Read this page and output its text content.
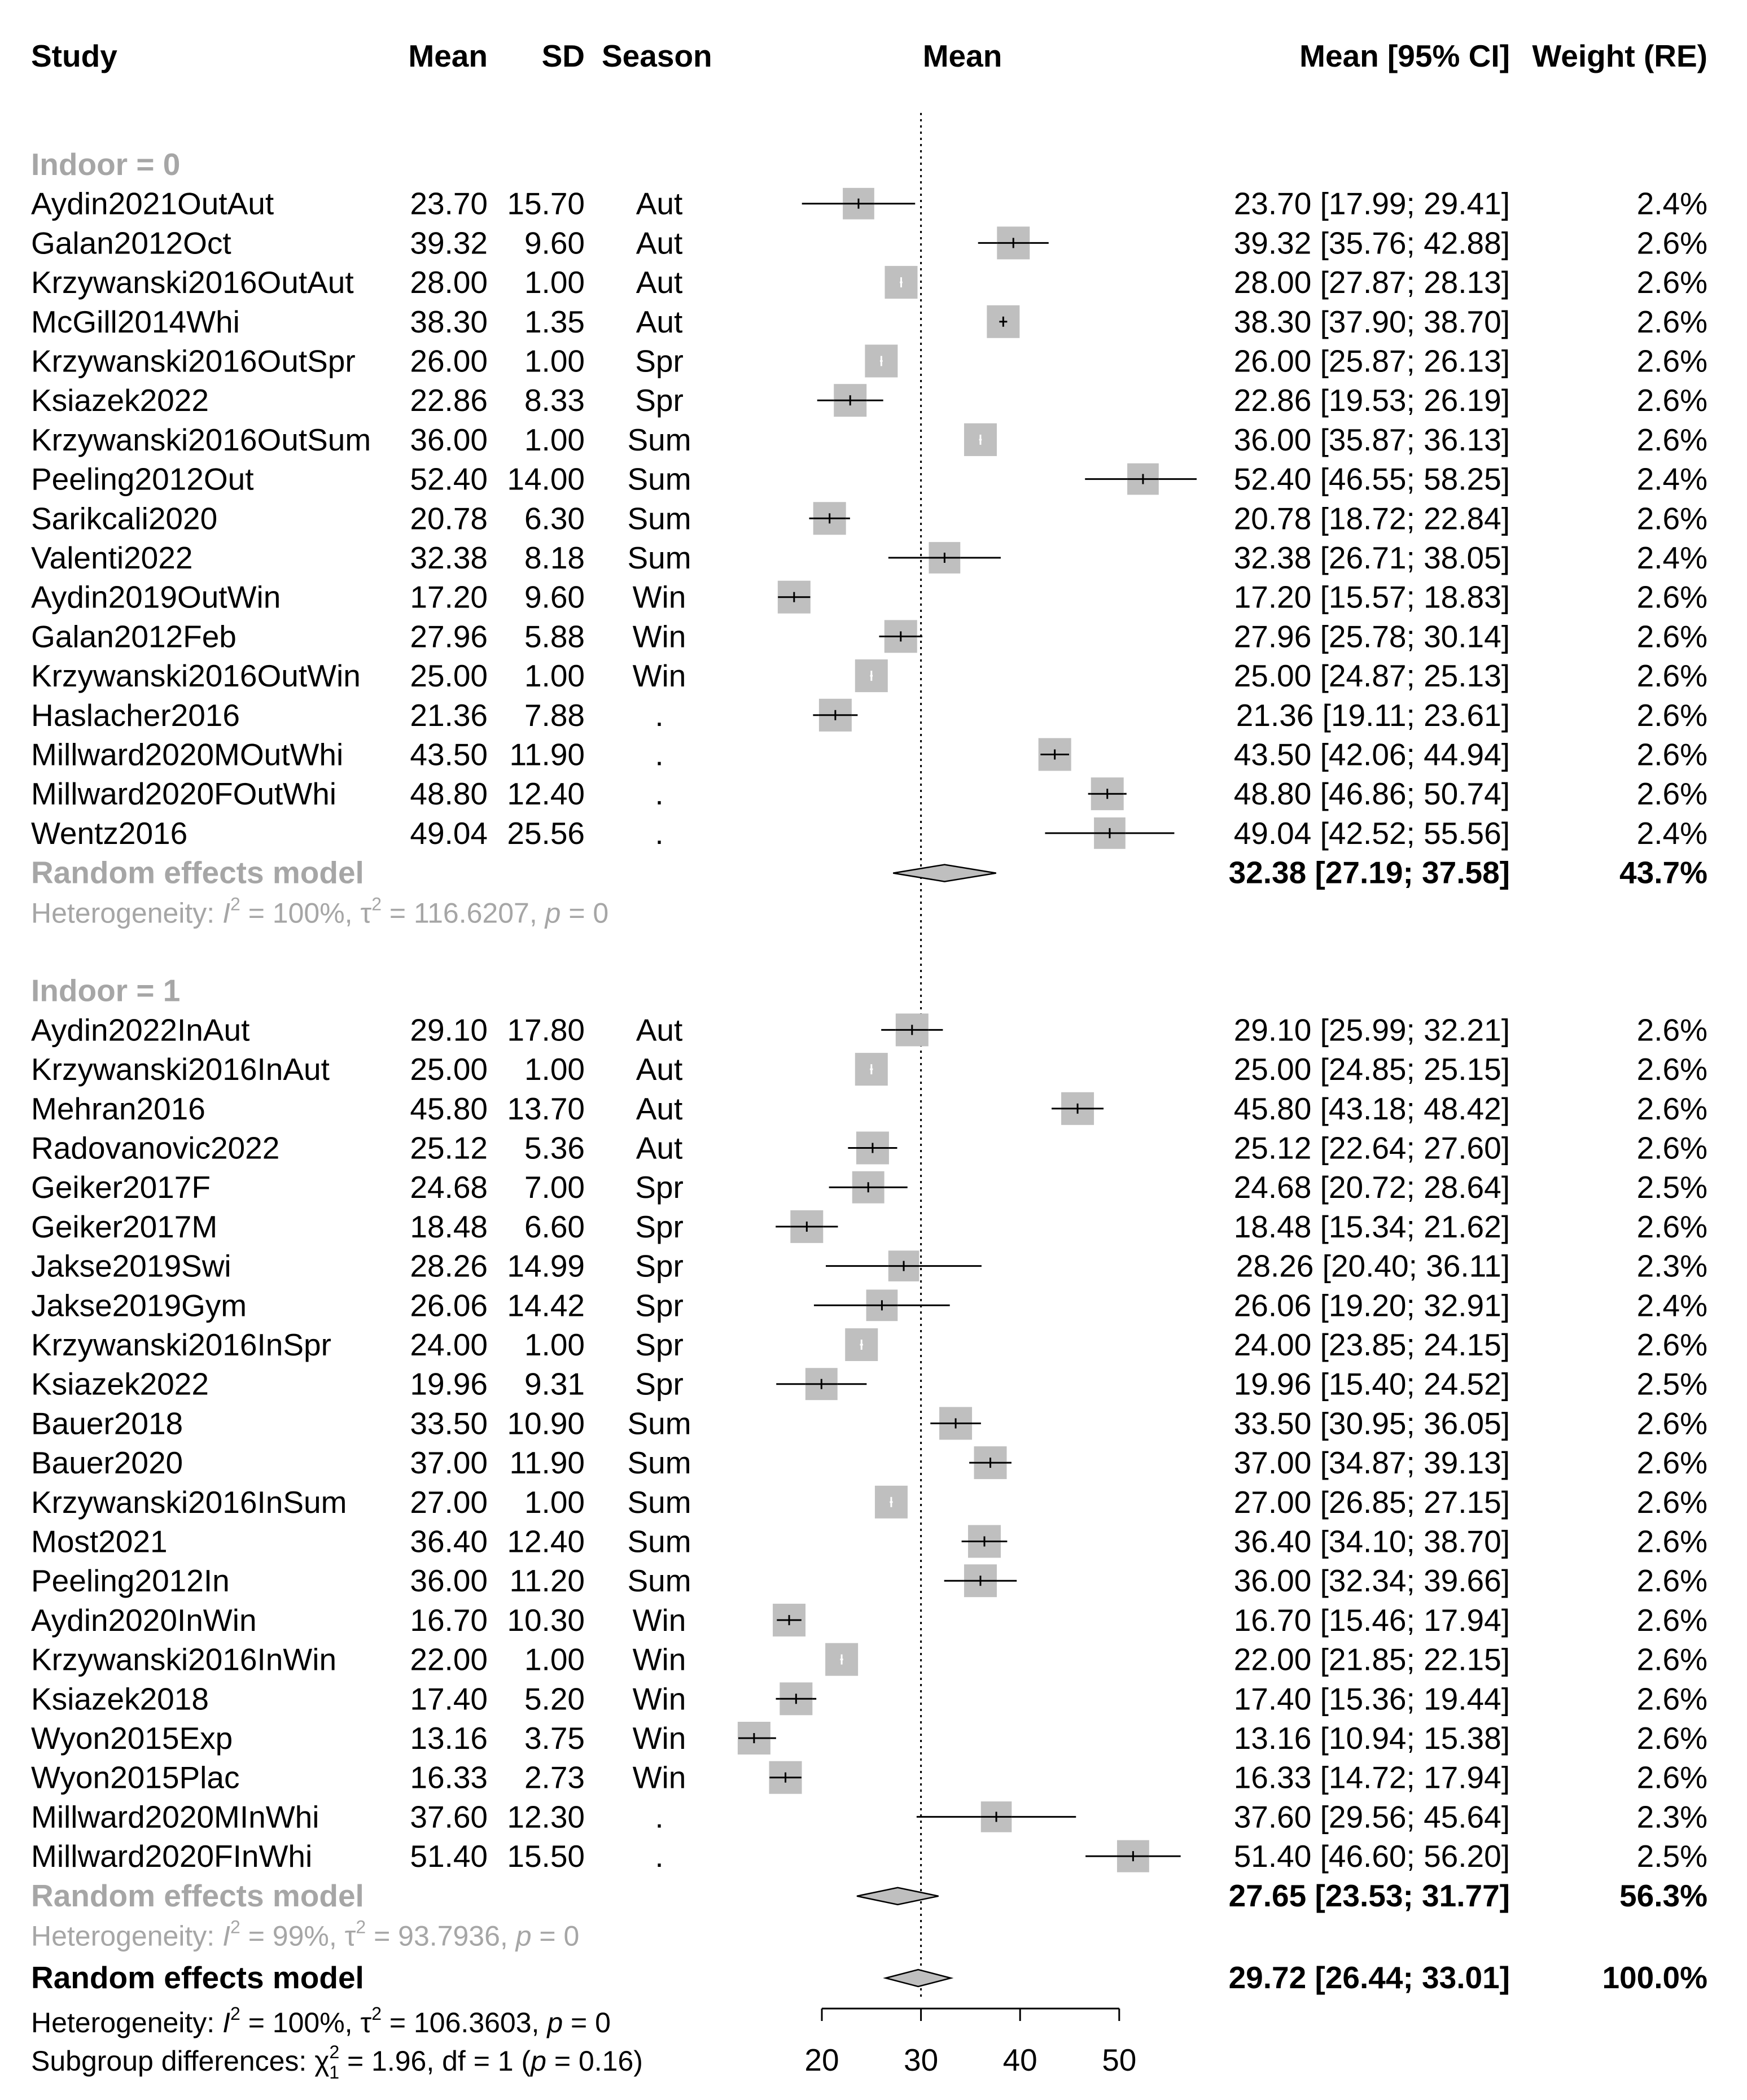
Study	Mean SD Season	Mean	Mean [95% CI] Weight (RE)
Indoor = 0
Aydin2021OutAut	23.70 15.70 Aut	23.70 [17.99; 29.41]	2.4%
Galan2012Oct	39.32 9.60 Aut	39.32 [35.76; 42.88]	2.6%
Krzywanski2016OutAut 28.00 1.00 Aut	28.00 [27.87; 28.13]	2.6%
McGill2014Whi	38.30 1.35 Aut	38.30 [37.90; 38.70]	2.6%
Krzywanski2016OutSpr 26.00 1.00 Spr	26.00 [25.87; 26.13]	2.6%
Ksiazek2022	22.86 8.33 Spr	22.86 [19.53; 26.19]	2.6%
Krzywanski2016OutSum 36.00 1.00 Sum	36.00 [35.87; 36.13]	2.6%
Peeling2012Out	52.40 14.00 Sum	52.40 [46.55; 58.25]	2.4%
Sarikcali2020	20.78 6.30 Sum	20.78 [18.72; 22.84]	2.6%
Valenti2022	32.38 8.18 Sum	32.38 [26.71; 38.05]	2.4%
Aydin2019OutWin	17.20 9.60 Win	17.20 [15.57; 18.83]	2.6%
Galan2012Feb	27.96 5.88 Win	27.96 [25.78; 30.14]	2.6%
Krzywanski2016OutWin 25.00 1.00 Win	25.00 [24.87; 25.13]	2.6%
Haslacher2016	21.36 7.88 .	21.36 [19.11; 23.61]	2.6%
Millward2020MOutWhi 43.50 11.90 .	43.50 [42.06; 44.94]	2.6%
Millward2020FOutWhi 48.80 12.40 .	48.80 [46.86; 50.74]	2.6%
Wentz2016	49.04 25.56 .	49.04 [42.52; 55.56]	2.4%
Random effects model	32.38 [27.19; 37.58]	43.7%
Heterogeneity: $I^2 = 100\%$, $\tau^2 = 116.6207$, p = 0
Indoor = 1
Aydin2022InAut	29.10 17.80 Aut	29.10 [25.99; 32.21]	2.6%
Krzywanski2016InAut	25.00 1.00 Aut	25.00 [24.85; 25.15]	2.6%
Mehran2016	45.80 13.70 Aut	45.80 [43.18; 48.42]	2.6%
Radovanovic2022	25.12 5.36 Aut	25.12 [22.64; 27.60]	2.6%
Geiker2017F	24.68 7.00 Spr	24.68 [20.72; 28.64]	2.5%
Geiker2017M	18.48 6.60 Spr	18.48 [15.34; 21.62]	2.6%
Jakse2019Swi	28.26 14.99 Spr	28.26 [20.40; 36.11]	2.3%
Jakse2019Gym	26.06 14.42 Spr	26.06 [19.20; 32.91]	2.4%
Krzywanski2016InSpr	24.00 1.00 Spr	24.00 [23.85; 24.15]	2.6%
Ksiazek2022	19.96 9.31 Spr	19.96 [15.40; 24.52]	2.5%
Bauer2018	33.50 10.90 Sum	33.50 [30.95; 36.05]	2.6%
Bauer2020	37.00 11.90 Sum	37.00 [34.87; 39.13]	2.6%
Krzywanski2016InSum 27.00 1.00 Sum	27.00 [26.85; 27.15]	2.6%
Most2021	36.40 12.40 Sum	36.40 [34.10; 38.70]	2.6%
Peeling2012In	36.00 11.20 Sum	36.00 [32.34; 39.66]	2.6%
Aydin2020InWin	16.70 10.30 Win	16.70 [15.46; 17.94]	2.6%
Krzywanski2016InWin 22.00 1.00 Win	22.00 [21.85; 22.15]	2.6%
Ksiazek2018	17.40 5.20 Win	17.40 [15.36; 19.44]	2.6%
Wyon2015Exp	13.16 3.75 Win	13.16 [10.94; 15.38]	2.6%
Wyon2015Plac	16.33 2.73 Win	16.33 [14.72; 17.94]	2.6%
Millward2020MInWhi	37.60 12.30 .	37.60 [29.56; 45.64]	2.3%
Millward2020FInWhi	51.40 15.50 .	51.40 [46.60; 56.20]	2.5%
Random effects model	27.65 [23.53; 31.77]	56.3%
Heterogeneity: $I^2 = 99\%$, $\tau^2 = 93.7936$, p = 0
Random effects model	29.72 [26.44; 33.01]	100.0%
Heterogeneity: $I^2 = 100\%$, $\tau^2 = 106.3603$, p = 0
Subgroup differences: $\chi^2$ 1 = 1.96, df = 1 (p = 0.16)	20 30 40 50
